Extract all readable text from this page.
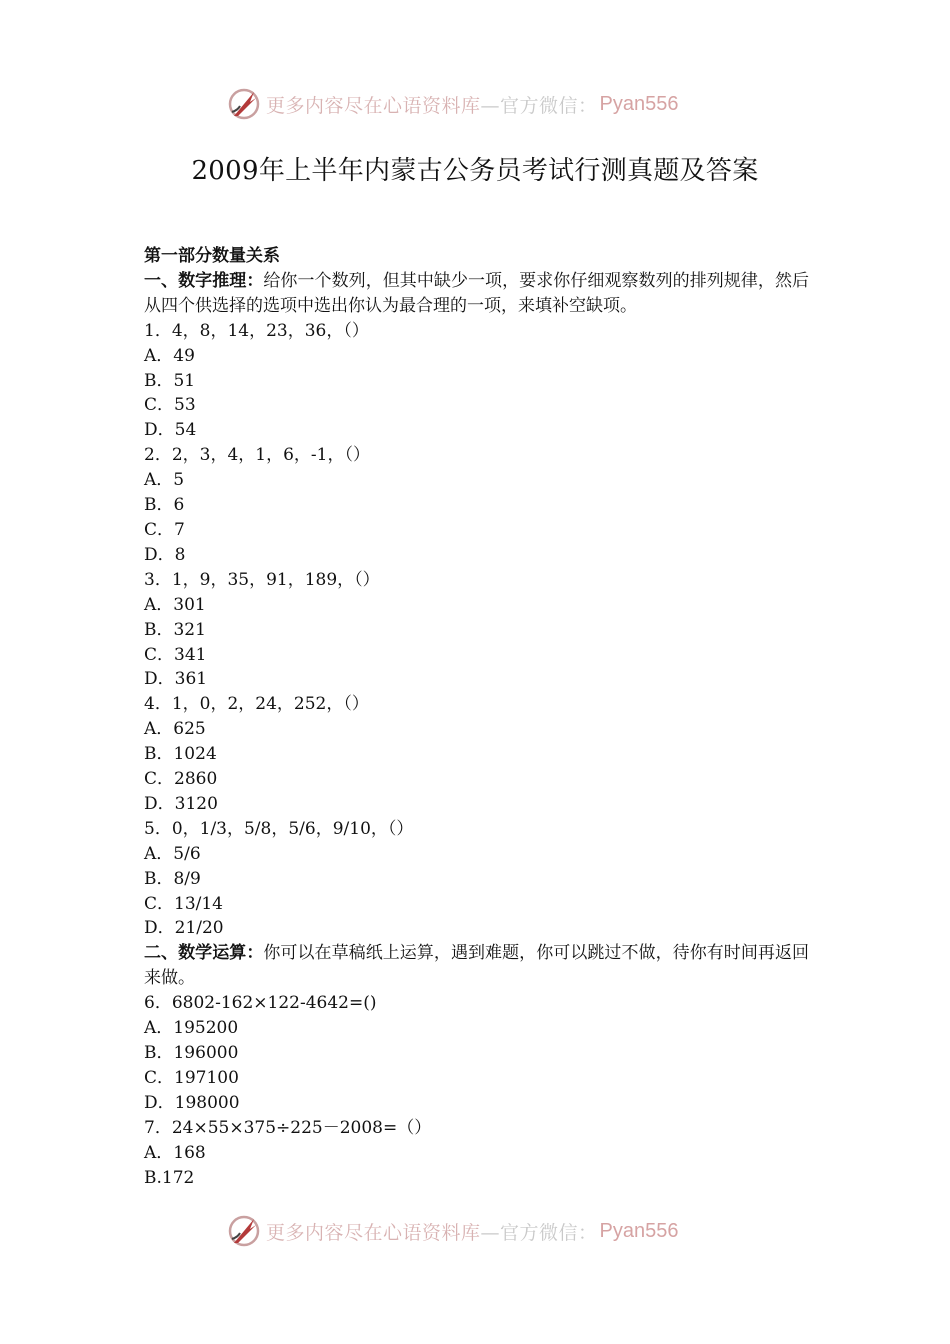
更多内容尽在心语资料库—官方微信： Pyan556
2009年上半年内蒙古公务员考试行测真题及答案
第一部分数量关系
一、数字推理：给你一个数列，但其中缺少一项，要求你仔细观察数列的排列规律，然后从四个供选择的选项中选出你认为最合理的一项，来填补空缺项。
1．4，8，14，23，36，（）
A．49
B．51
C．53
D．54
2．2，3，4，1，6，-1，（）
A．5
B．6
C．7
D．8
3．1，9，35，91，189，（）
A．301
B．321
C．341
D．361
4．1，0，2，24，252，（）
A．625
B．1024
C．2860
D．3120
5．0，1/3，5/8，5/6，9/10，（）
A．5/6
B．8/9
C．13/14
D．21/20
二、数学运算：你可以在草稿纸上运算，遇到难题，你可以跳过不做，待你有时间再返回来做。
6．6802-162×122-4642=()
A．195200
B．196000
C．197100
D．198000
7．24×55×375÷225－2008=（）
A．168
B.172
更多内容尽在心语资料库—官方微信： Pyan556
